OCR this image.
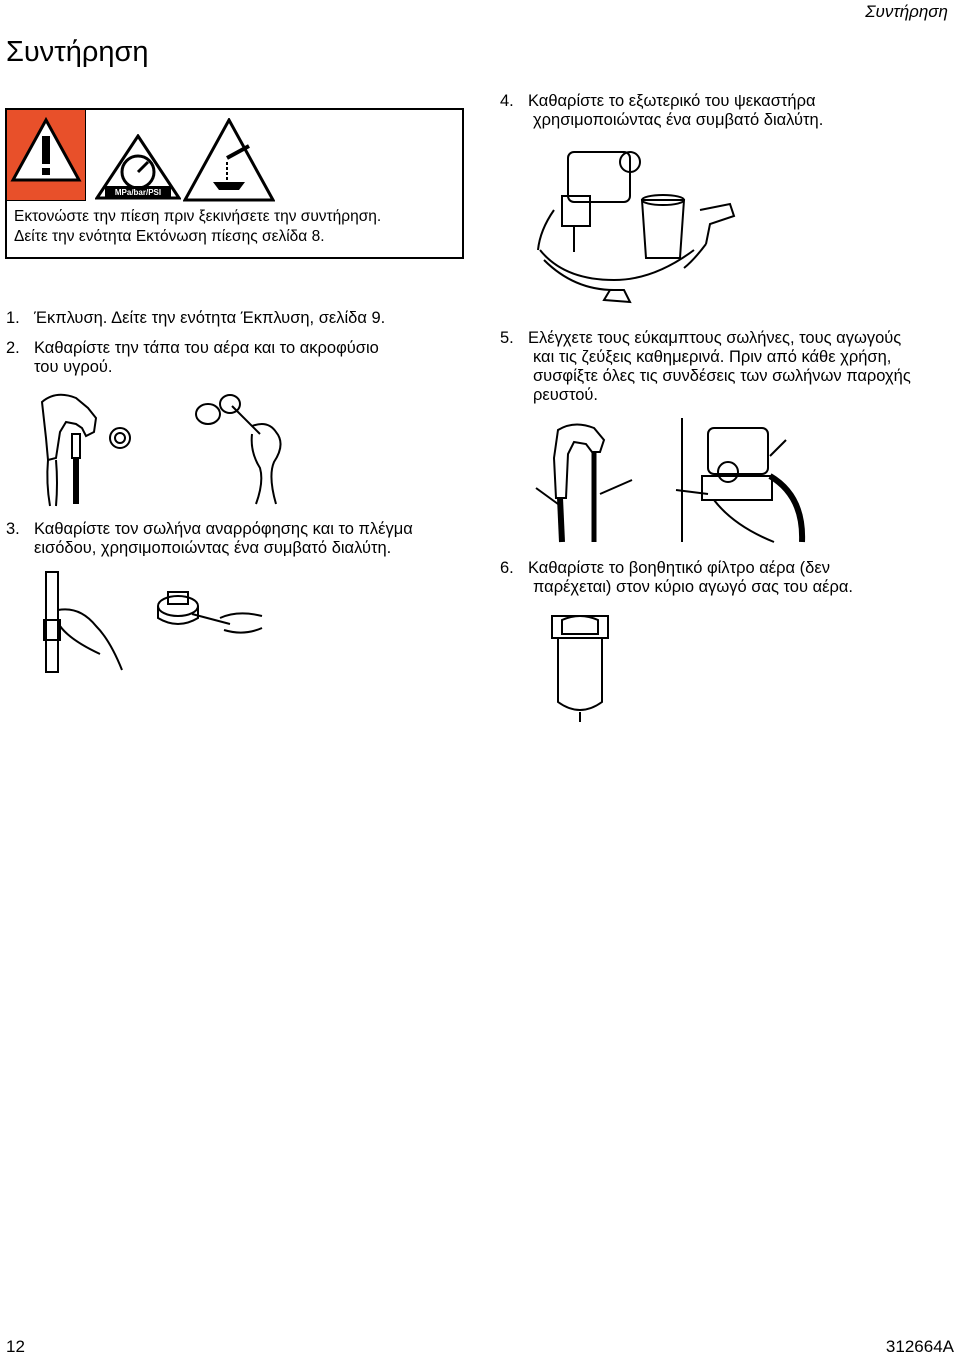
Συντήρηση
Συντήρηση
MPa/bar/PSI
Εκτονώστε την πίεση πριν ξεκινήσετε την συντήρηση.
Δείτε την ενότητα Εκτόνωση πίεσης σελίδα 8.
1. Έκπλυση. Δείτε την ενότητα Έκπλυση, σελίδα 9.
2. Καθαρίστε την τάπα του αέρα και το ακροφύσιο
του υγρού.
3. Καθαρίστε τον σωλήνα αναρρόφησης και το πλέγμα
εισόδου, χρησιμοποιώντας ένα συμβατό διαλύτη.
4. Καθαρίστε το εξωτερικό του ψεκαστήρα
χρησιμοποιώντας ένα συμβατό διαλύτη.
5. Ελέγχετε τους εύκαμπτους σωλήνες, τους αγωγούς
και τις ζεύξεις καθημερινά. Πριν από κάθε χρήση,
συσφίξτε όλες τις συνδέσεις των σωλήνων παροχής
ρευστού.
6. Καθαρίστε το βοηθητικό φίλτρο αέρα (δεν
παρέχεται) στον κύριο αγωγό σας του αέρα.
12	312664A
